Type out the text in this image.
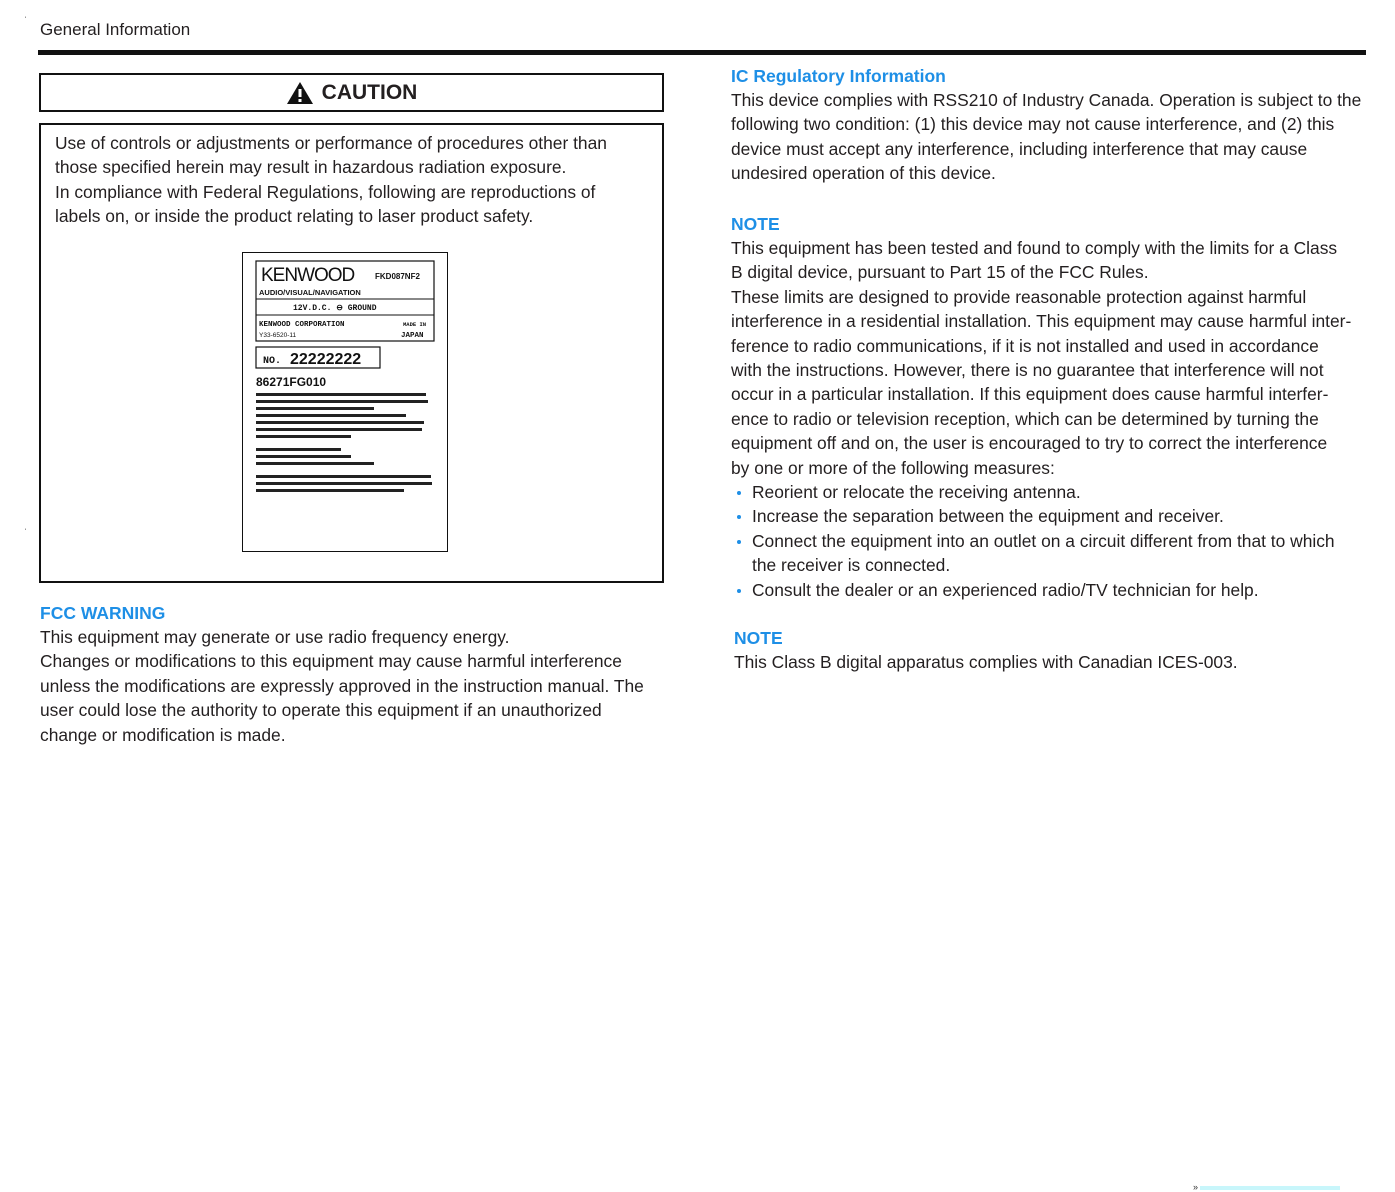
General Information
ˌ
ˌ
CAUTION
Use of controls or adjustments or performance of procedures other than
those specified herein may result in hazardous radiation exposure.
In compliance with Federal Regulations, following are reproductions of
labels on, or inside the product relating to laser product safety.
KENWOOD	FKD087NF2
AUDIO/VISUAL/NAVIGATION
12V.D.C. ⊖ GROUND
KENWOOD CORPORATION	MADE IN
Y33-6520-11	JAPAN
NO. 22222222
86271FG010
FCC WARNING
This equipment may generate or use radio frequency energy.
Changes or modifications to this equipment may cause harmful interference
unless the modifications are expressly approved in the instruction manual. The
user could lose the authority to operate this equipment if an unauthorized
change or modification is made.
IC Regulatory Information
This device complies with RSS210 of Industry Canada. Operation is subject to the
following two condition: (1) this device may not cause interference, and (2) this
device must accept any interference, including interference that may cause
undesired operation of this device.
NOTE
This equipment has been tested and found to comply with the limits for a Class
B digital device, pursuant to Part 15 of the FCC Rules.
These limits are designed to provide reasonable protection against harmful
interference in a residential installation. This equipment may cause harmful inter-
ference to radio communications, if it is not installed and used in accordance
with the instructions. However, there is no guarantee that interference will not
occur in a particular installation. If this equipment does cause harmful interfer-
ence to radio or television reception, which can be determined by turning the
equipment off and on, the user is encouraged to try to correct the interference
by one or more of the following measures:
Reorient or relocate the receiving antenna.
Increase the separation between the equipment and receiver.
Connect the equipment into an outlet on a circuit different from that to which
the receiver is connected.
Consult the dealer or an experienced radio/TV technician for help.
NOTE
This Class B digital apparatus complies with Canadian ICES-003.
»
